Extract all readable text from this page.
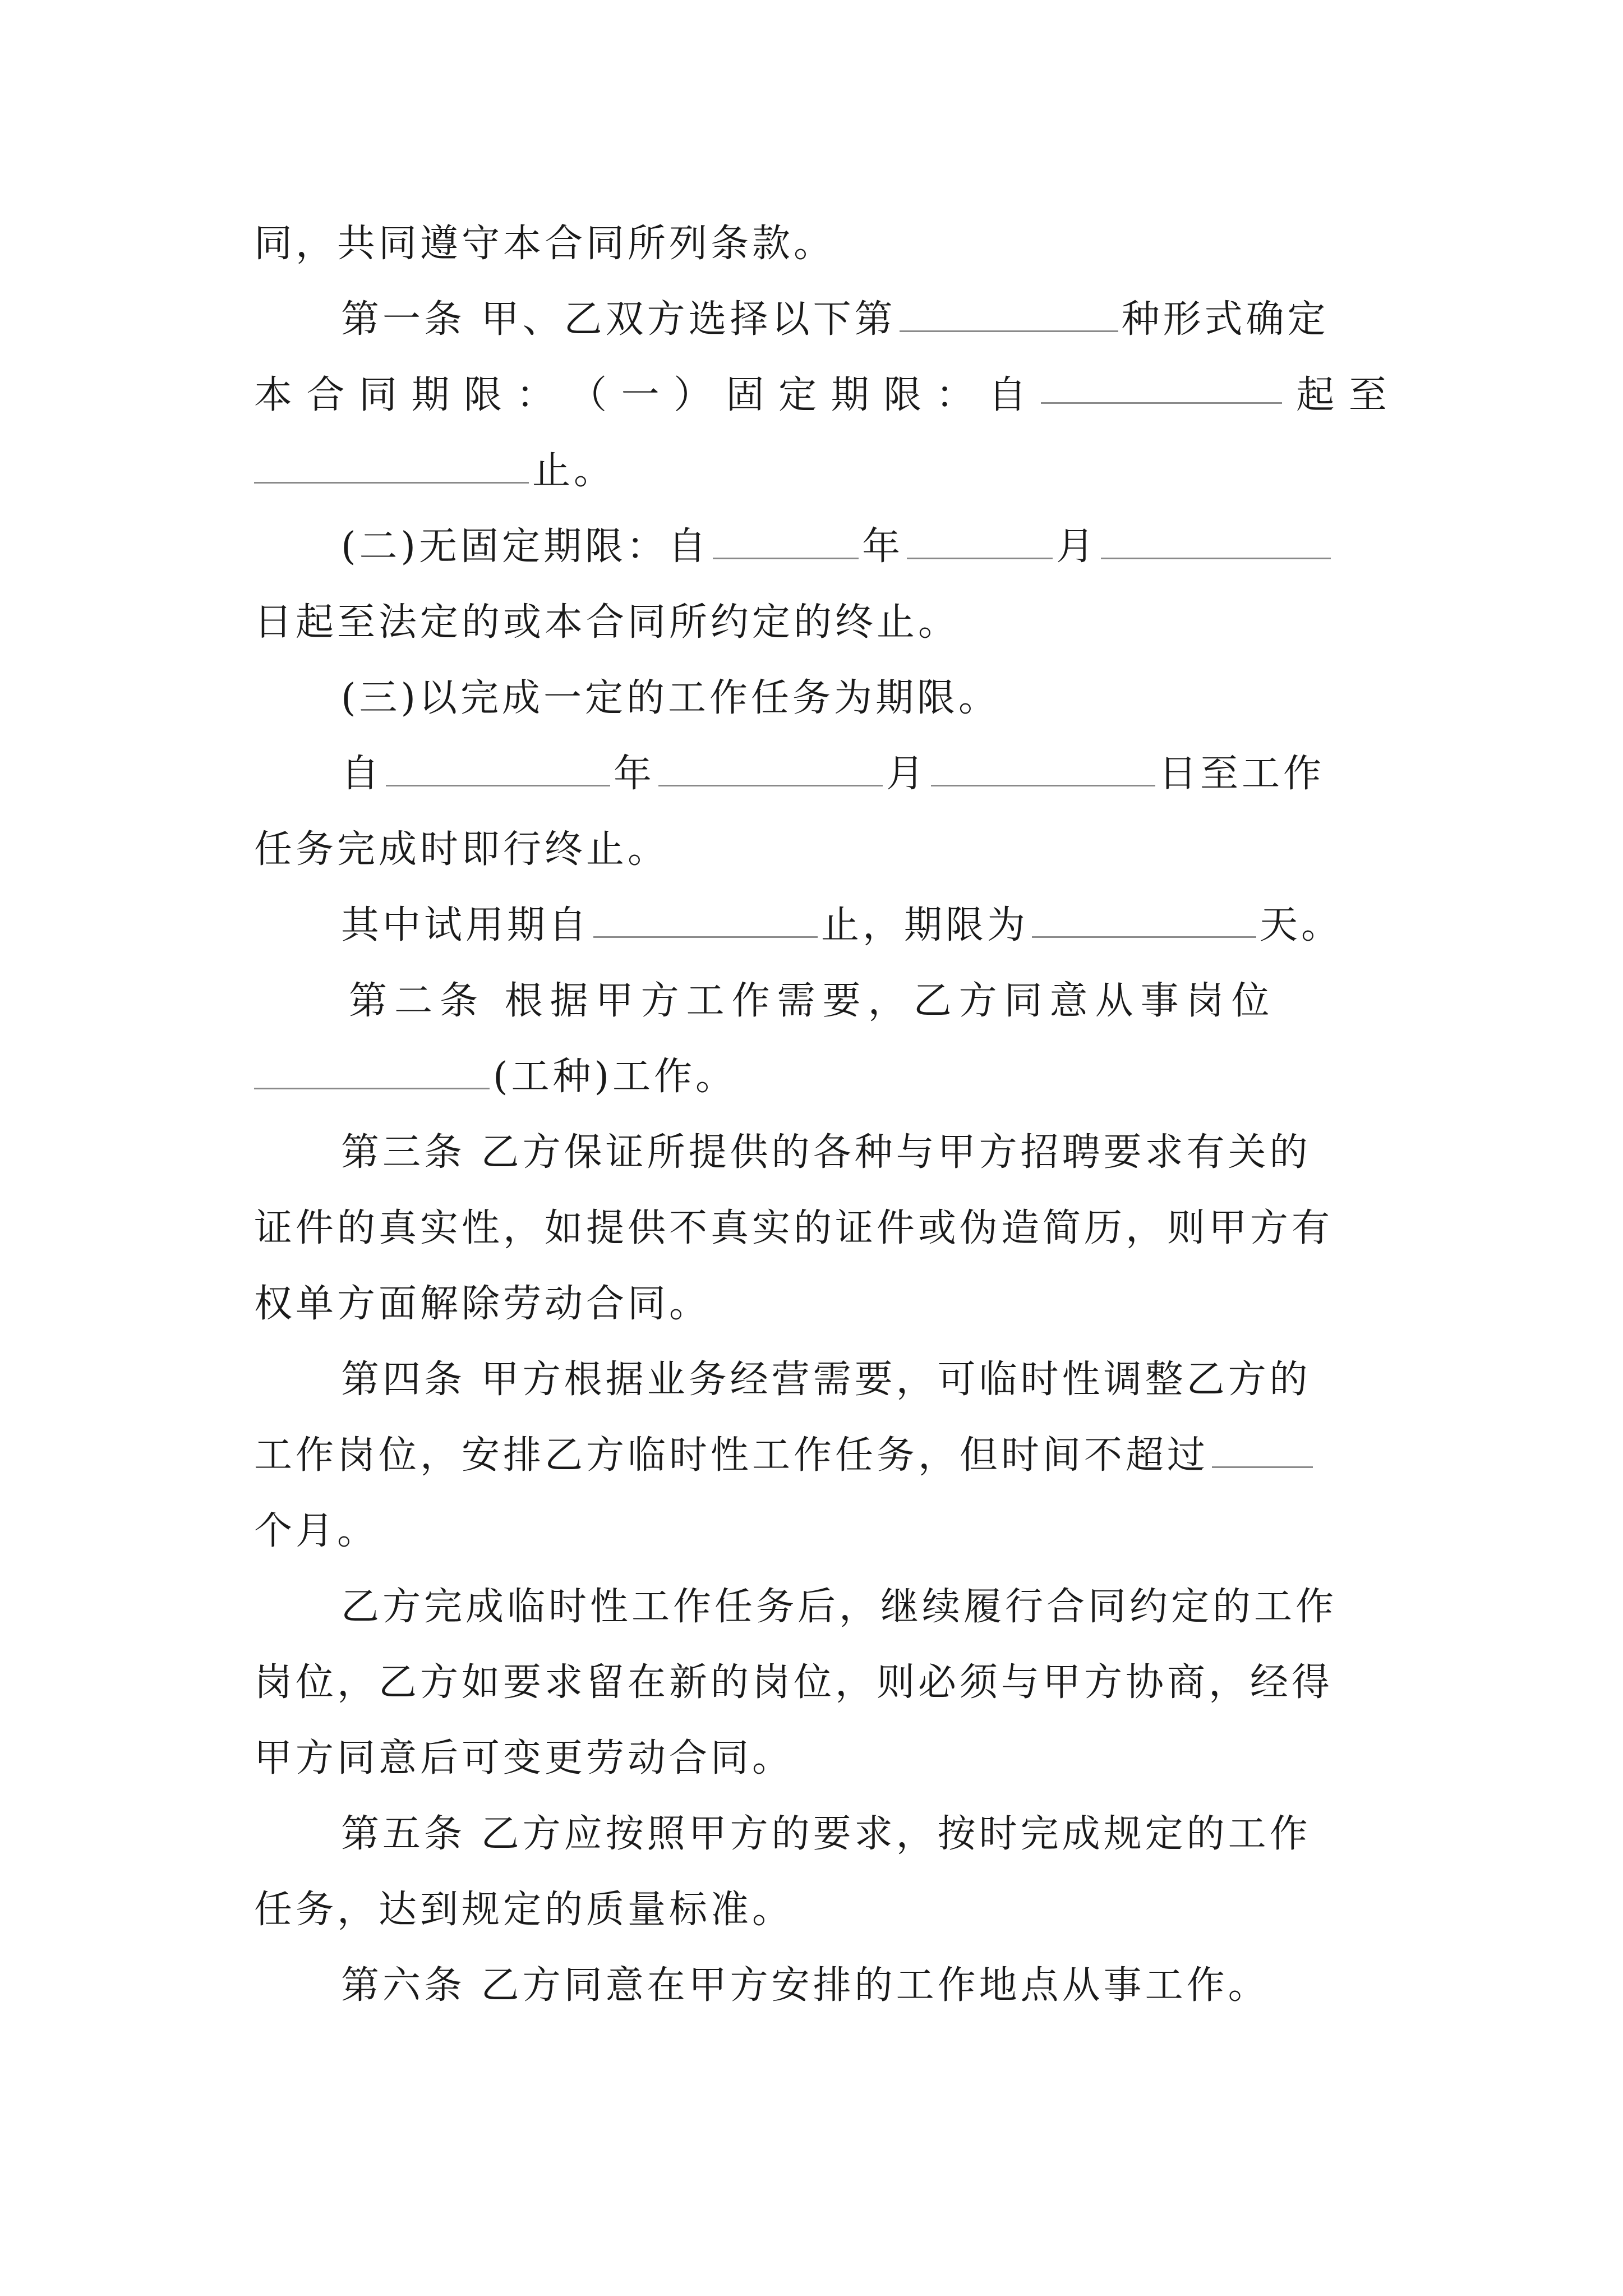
同，共同遵守本合同所列条款。
第一条 甲、乙双方选择以下第	种形式确定
本 合 同 期 限 ： （ 一 ） 固 定 期 限 ： 自	起 至
止。
(二)无固定期限：自	年	月
日起至法定的或本合同所约定的终止。
(三)以完成一定的工作任务为期限。
自	年	月	日至工作
任务完成时即行终止。
其中试用期自	止，期限为	天。
第二条 根据甲方工作需要，乙方同意从事岗位
(工种)工作。
第三条 乙方保证所提供的各种与甲方招聘要求有关的
证件的真实性，如提供不真实的证件或伪造简历，则甲方有
权单方面解除劳动合同。
第四条 甲方根据业务经营需要，可临时性调整乙方的
工作岗位，安排乙方临时性工作任务，但时间不超过
个月。
乙方完成临时性工作任务后，继续履行合同约定的工作
岗位，乙方如要求留在新的岗位，则必须与甲方协商，经得
甲方同意后可变更劳动合同。
第五条 乙方应按照甲方的要求，按时完成规定的工作
任务，达到规定的质量标准。
第六条 乙方同意在甲方安排的工作地点从事工作。
